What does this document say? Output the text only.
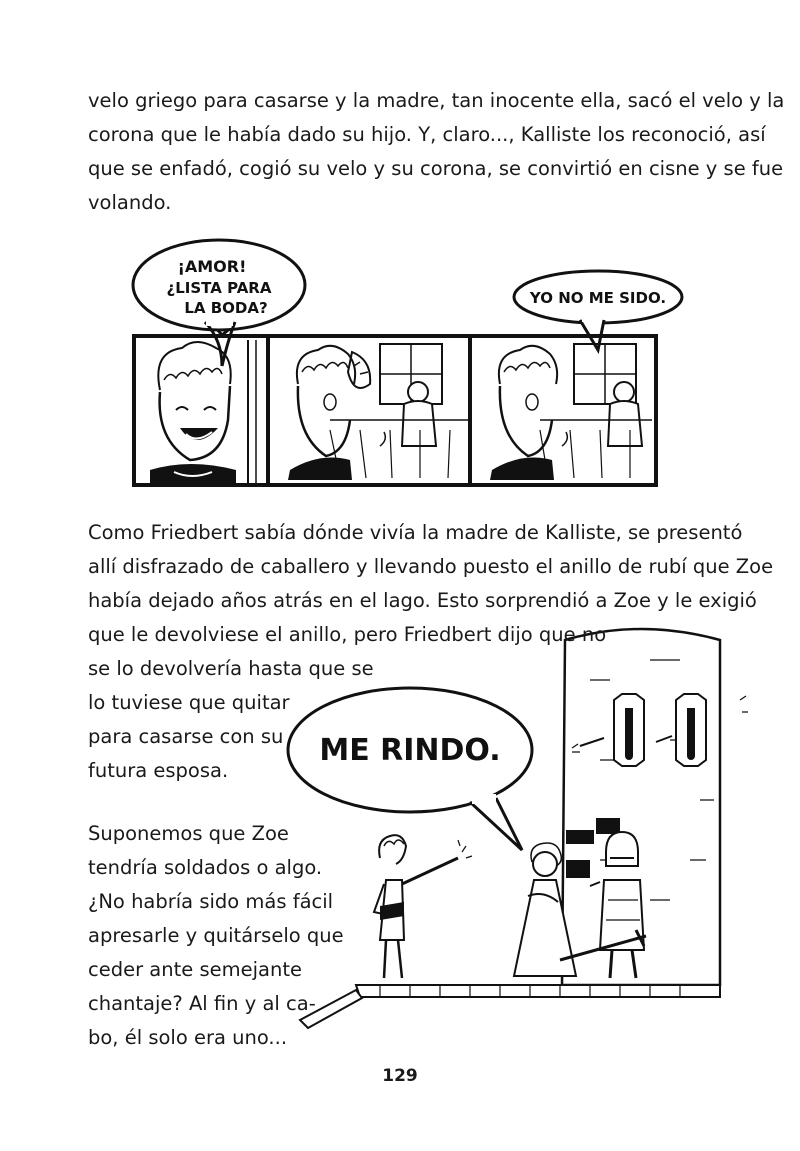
velo griego para casarse y la madre, tan inocente ella, sacó el velo y la
corona que le había dado su hijo. Y, claro..., Kalliste los reconoció, así
que se enfadó, cogió su velo y su corona, se convirtió en cisne y se fue
volando.

¡AMOR!
¿LISTA PARA
LA BODA?
YO NO ME SIDO.
ME RINDO.

Como Friedbert sabía dónde vivía la madre de Kalliste, se presentó
allí disfrazado de caballero y llevando puesto el anillo de rubí que Zoe
había dejado años atrás en el lago. Esto sorprendió a Zoe y le exigió
que le devolviese el anillo, pero Friedbert dijo que no
se lo devolvería hasta que se
lo tuviese que quitar
para casarse con su
futura esposa.

Suponemos que Zoe
tendría soldados o algo.
¿No habría sido más fácil
apresarle y quitárselo que
ceder ante semejante
chantaje? Al fin y al ca-
bo, él solo era uno...

129
